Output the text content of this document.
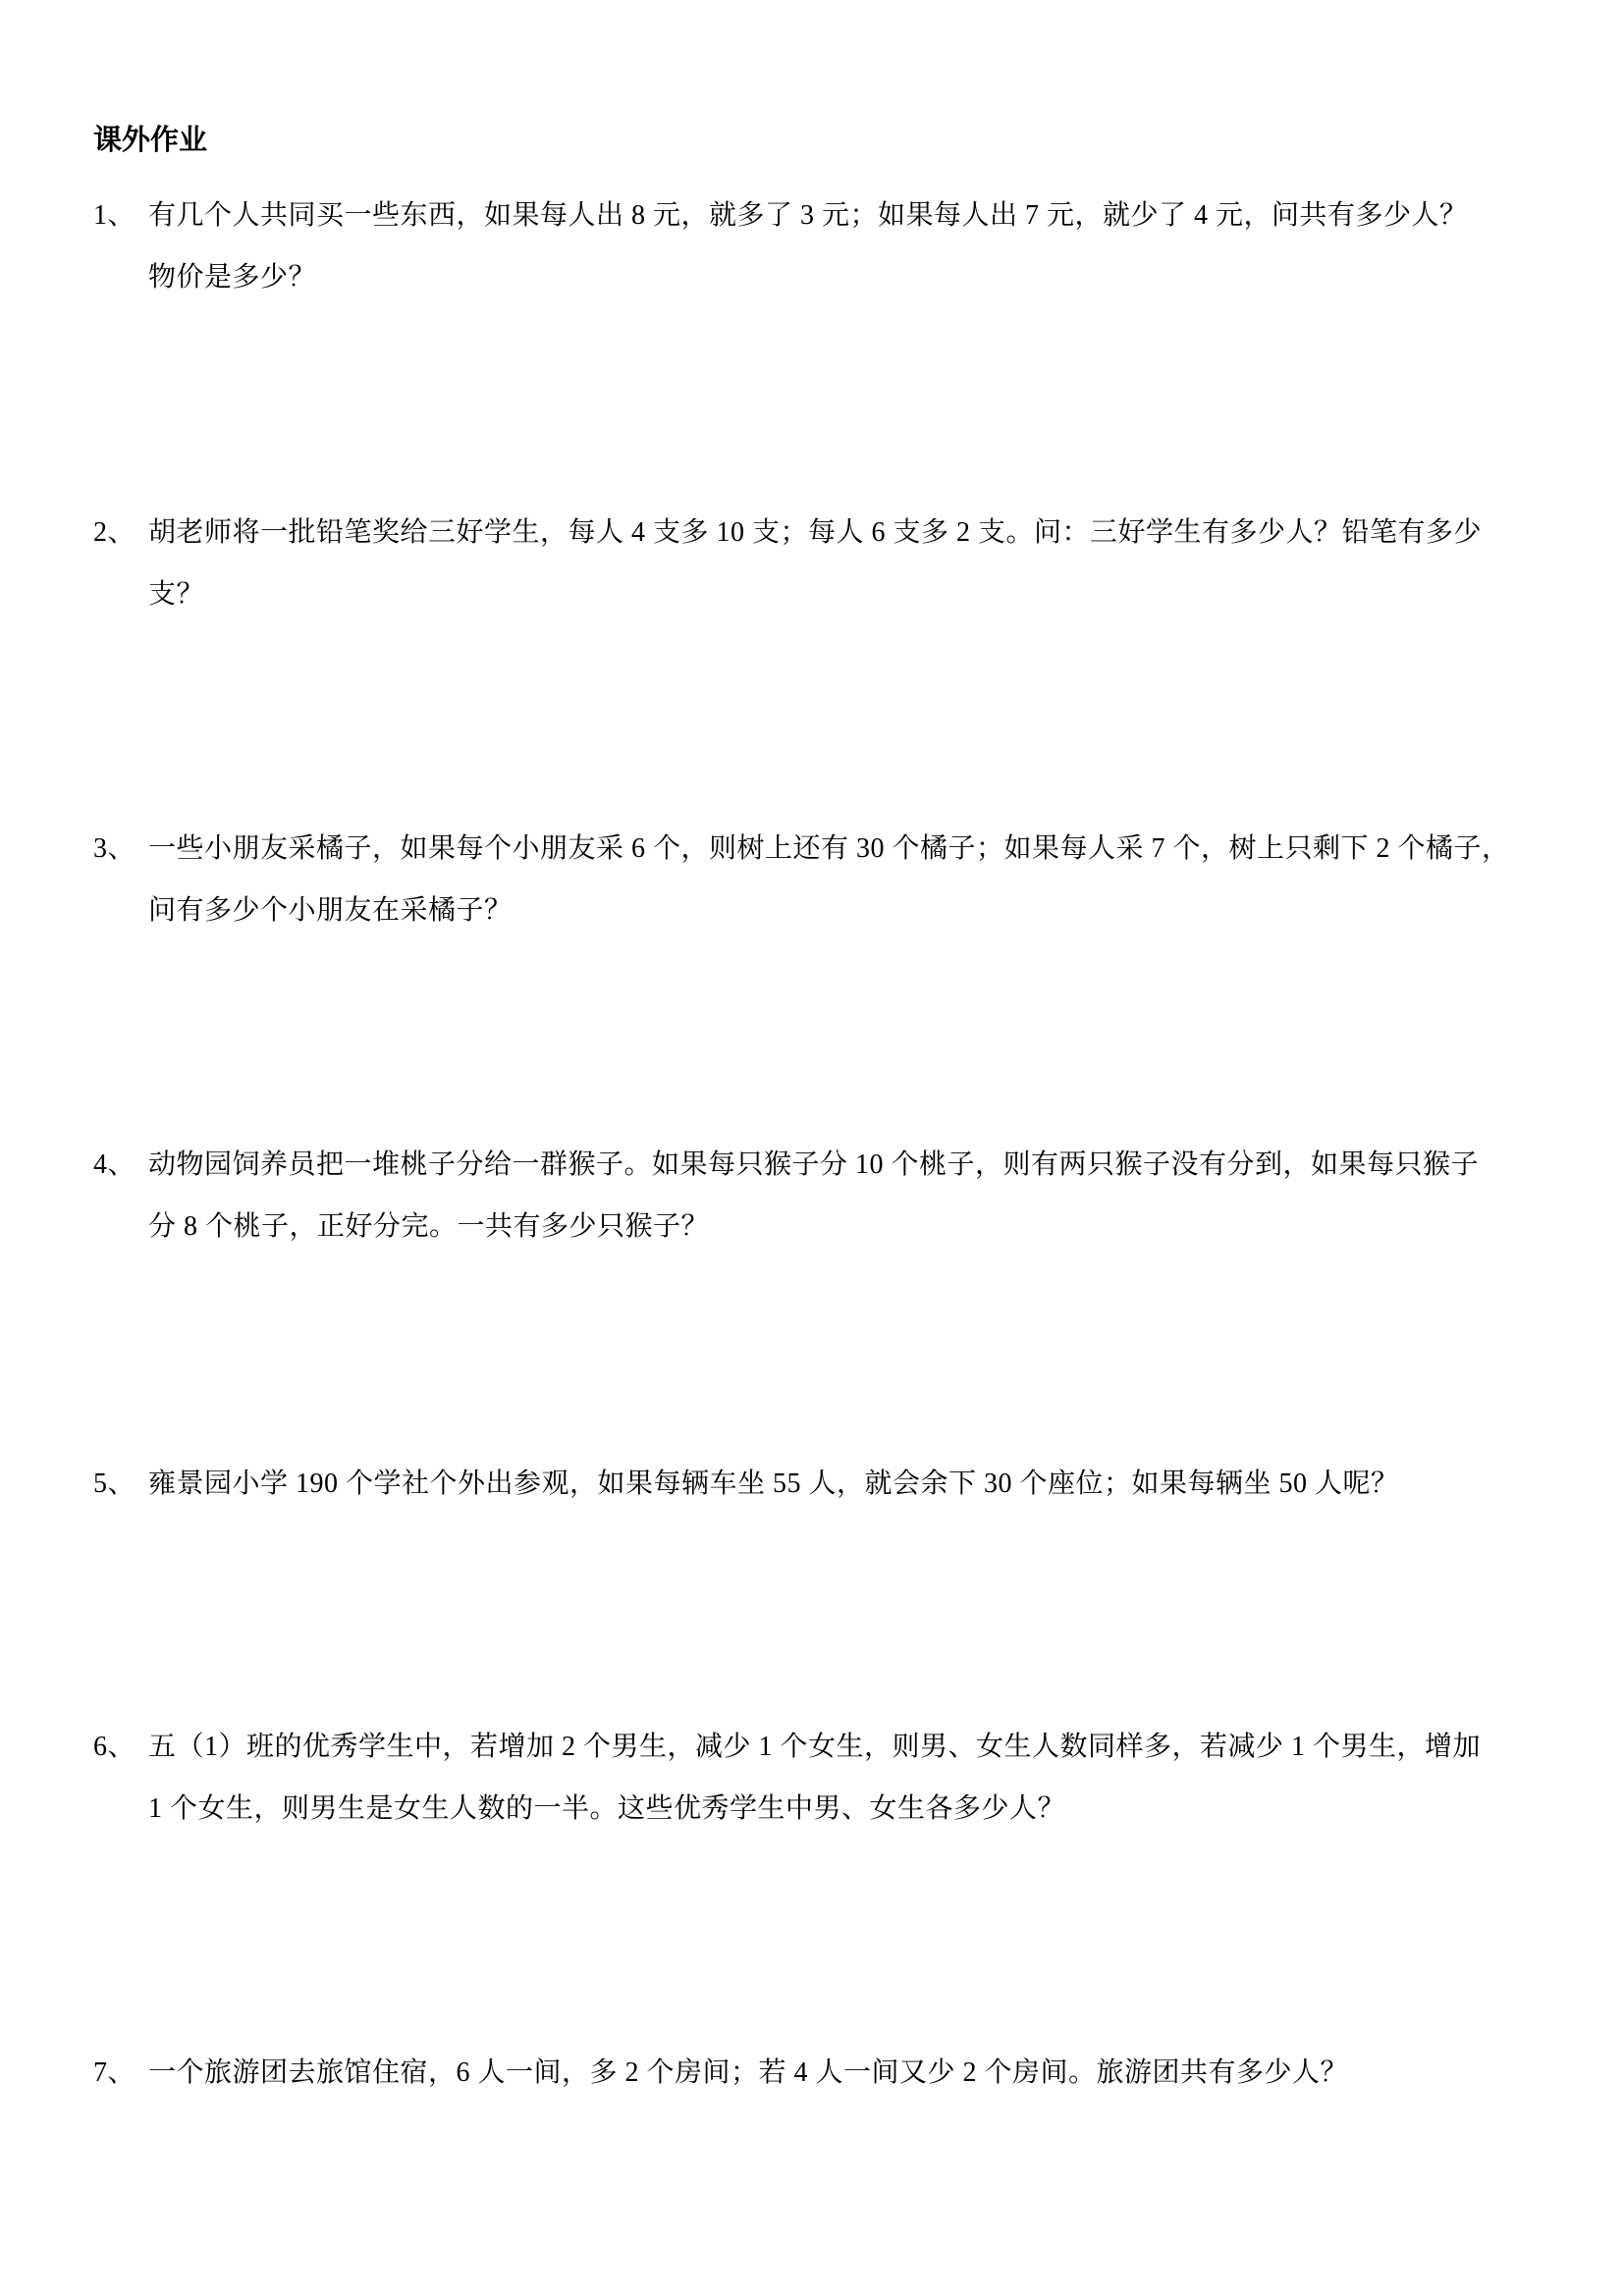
课外作业
1、 有几个人共同买一些东西，如果每人出 8 元，就多了 3 元；如果每人出 7 元，就少了 4 元，问共有多少人？
物价是多少？
2、 胡老师将一批铅笔奖给三好学生，每人 4 支多 10 支；每人 6 支多 2 支。问：三好学生有多少人？铅笔有多少
支？
3、 一些小朋友采橘子，如果每个小朋友采 6 个，则树上还有 30 个橘子；如果每人采 7 个，树上只剩下 2 个橘子，
问有多少个小朋友在采橘子？
4、 动物园饲养员把一堆桃子分给一群猴子。如果每只猴子分 10 个桃子，则有两只猴子没有分到，如果每只猴子
分 8 个桃子，正好分完。一共有多少只猴子？
5、 雍景园小学 190 个学社个外出参观，如果每辆车坐 55 人，就会余下 30 个座位；如果每辆坐 50 人呢？
6、 五（1）班的优秀学生中，若增加 2 个男生，减少 1 个女生，则男、女生人数同样多，若减少 1 个男生，增加
1 个女生，则男生是女生人数的一半。这些优秀学生中男、女生各多少人？
7、 一个旅游团去旅馆住宿，6 人一间，多 2 个房间；若 4 人一间又少 2 个房间。旅游团共有多少人？
